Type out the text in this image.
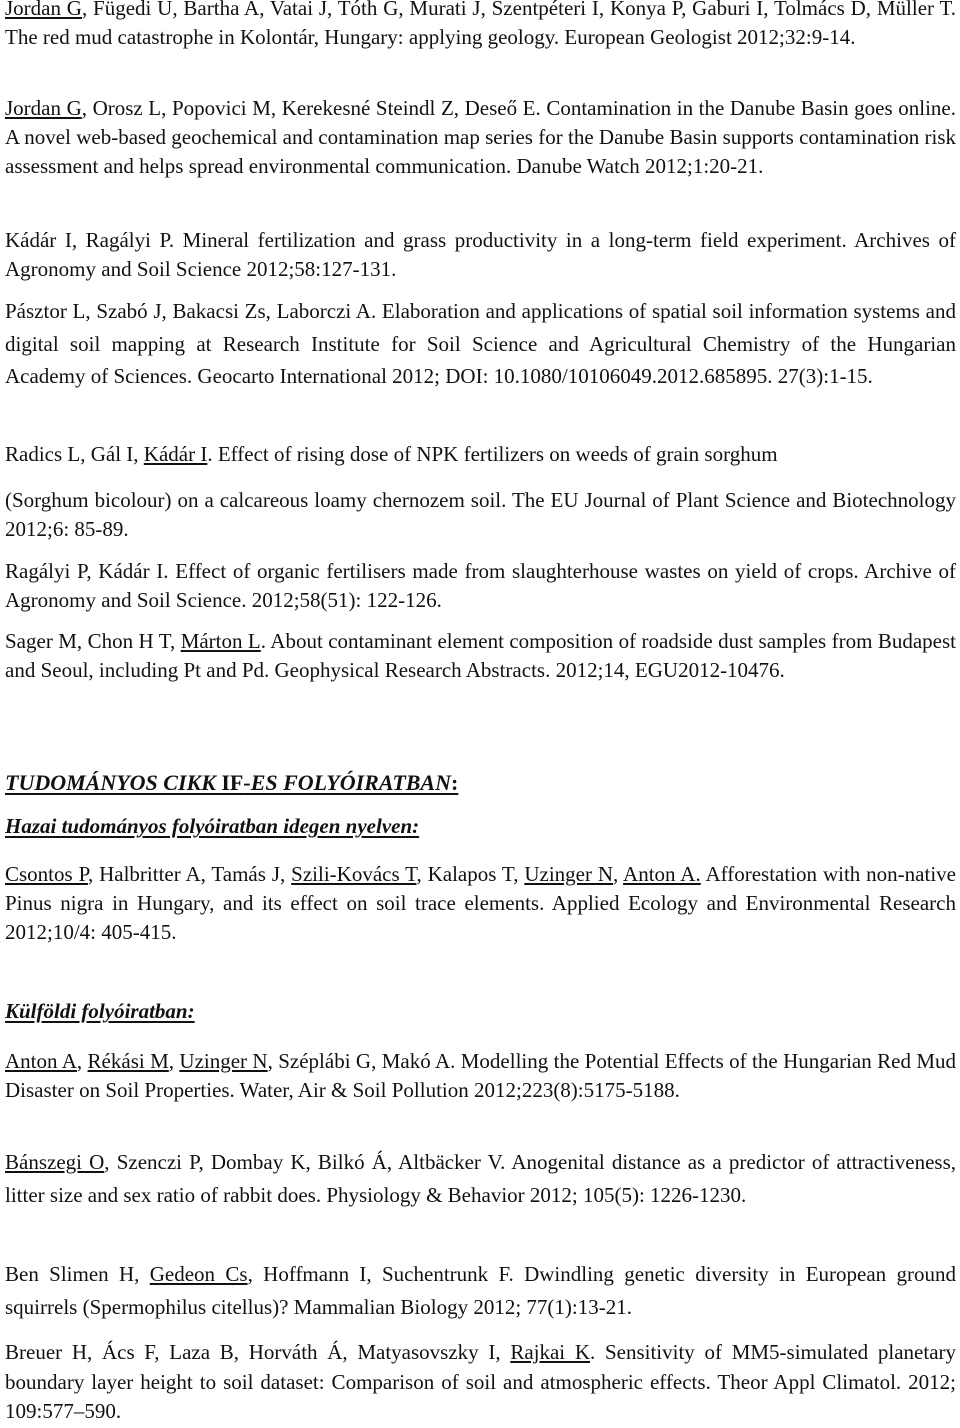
Jordan G, Fügedi U, Bartha A, Vatai J, Tóth G, Murati J, Szentpéteri I, Konya P, Gaburi I, Tolmács D, Müller T. The red mud catastrophe in Kolontár, Hungary: applying geology. European Geologist 2012;32:9-14.

Jordan G, Orosz L, Popovici M, Kerekesné Steindl Z, Deseő E. Contamination in the Danube Basin goes online. A novel web-based geochemical and contamination map series for the Danube Basin supports contamination risk assessment and helps spread environmental communication. Danube Watch 2012;1:20-21.

Kádár I, Ragályi P. Mineral fertilization and grass productivity in a long-term field experiment. Archives of Agronomy and Soil Science 2012;58:127-131.

Pásztor L, Szabó J, Bakacsi Zs, Laborczi A. Elaboration and applications of spatial soil information systems and digital soil mapping at Research Institute for Soil Science and Agricultural Chemistry of the Hungarian Academy of Sciences. Geocarto International 2012; DOI: 10.1080/10106049.2012.685895. 27(3):1-15.

Radics L, Gál I, Kádár I. Effect of rising dose of NPK fertilizers on weeds of grain sorghum

(Sorghum bicolour) on a calcareous loamy chernozem soil. The EU Journal of Plant Science and Biotechnology 2012;6: 85-89.

Ragályi P, Kádár I. Effect of organic fertilisers made from slaughterhouse wastes on yield of crops. Archive of Agronomy and Soil Science. 2012;58(51): 122-126.

Sager M, Chon H T, Márton L. About contaminant element composition of roadside dust samples from Budapest and Seoul, including Pt and Pd. Geophysical Research Abstracts. 2012;14, EGU2012-10476.

TUDOMÁNYOS CIKK IF-ES FOLYÓIRATBAN:
Hazai tudományos folyóiratban idegen nyelven:

Csontos P, Halbritter A, Tamás J, Szili-Kovács T, Kalapos T, Uzinger N, Anton A. Afforestation with non-native Pinus nigra in Hungary, and its effect on soil trace elements. Applied Ecology and Environmental Research 2012;10/4: 405-415.

Külföldi folyóiratban:

Anton A, Rékási M, Uzinger N, Széplábi G, Makó A. Modelling the Potential Effects of the Hungarian Red Mud Disaster on Soil Properties. Water, Air & Soil Pollution 2012;223(8):5175-5188.

Bánszegi O, Szenczi P, Dombay K, Bilkó Á, Altbäcker V. Anogenital distance as a predictor of attractiveness, litter size and sex ratio of rabbit does. Physiology & Behavior 2012; 105(5): 1226-1230.

Ben Slimen H, Gedeon Cs, Hoffmann I, Suchentrunk F. Dwindling genetic diversity in European ground squirrels (Spermophilus citellus)? Mammalian Biology 2012; 77(1):13-21.

Breuer H, Ács F, Laza B, Horváth Á, Matyasovszky I, Rajkai K. Sensitivity of MM5-simulated planetary boundary layer height to soil dataset: Comparison of soil and atmospheric effects. Theor Appl Climatol. 2012; 109:577–590.
